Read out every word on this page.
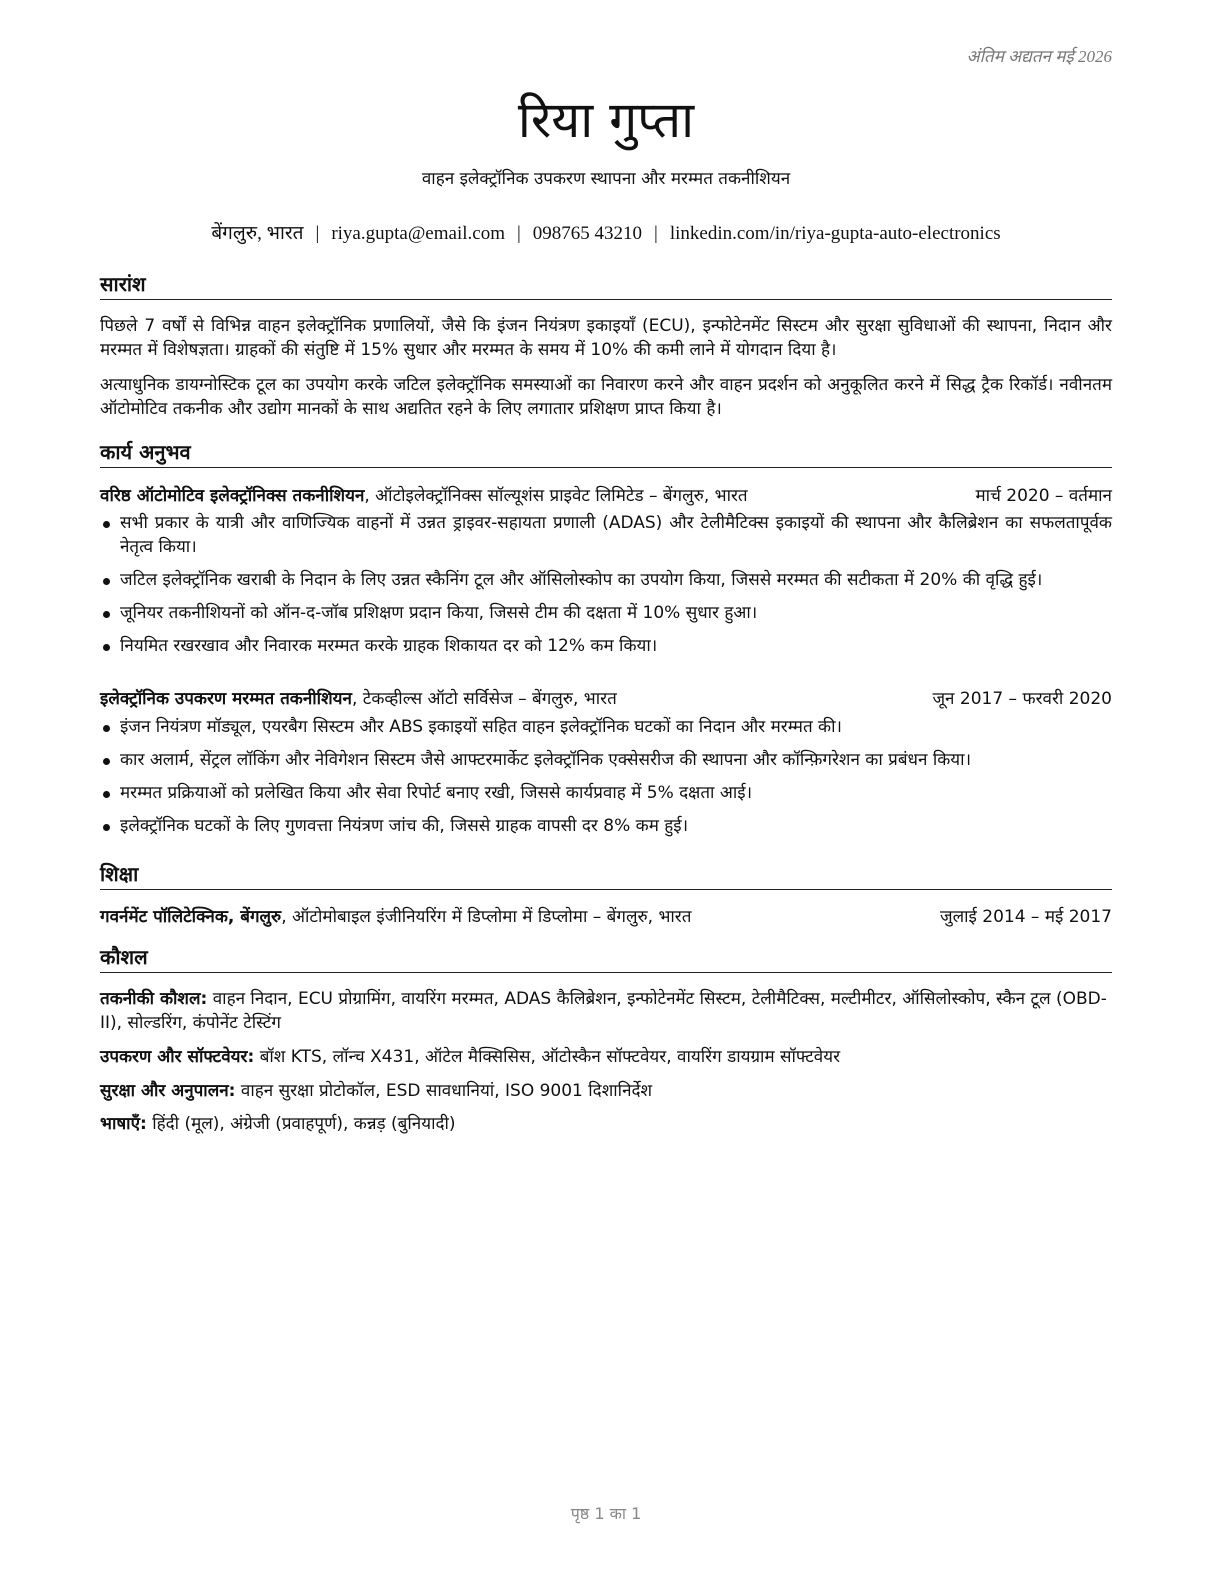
अंतिम अद्यतन मई 2026
रिया गुप्ता
वाहन इलेक्ट्रॉनिक उपकरण स्थापना और मरम्मत तकनीशियन
बेंगलुरु, भारत | riya.gupta@email.com | 098765 43210 | linkedin.com/in/riya-gupta-auto-electronics
सारांश

पिछले 7 वर्षों से विभिन्न वाहन इलेक्ट्रॉनिक प्रणालियों, जैसे कि इंजन नियंत्रण इकाइयाँ (ECU), इन्फोटेनमेंट सिस्टम और सुरक्षा सुविधाओं की स्थापना, निदान और मरम्मत में विशेषज्ञता। ग्राहकों की संतुष्टि में 15% सुधार और मरम्मत के समय में 10% की कमी लाने में योगदान दिया है।

अत्याधुनिक डायग्नोस्टिक टूल का उपयोग करके जटिल इलेक्ट्रॉनिक समस्याओं का निवारण करने और वाहन प्रदर्शन को अनुकूलित करने में सिद्ध ट्रैक रिकॉर्ड। नवीनतम ऑटोमोटिव तकनीक और उद्योग मानकों के साथ अद्यतित रहने के लिए लगातार प्रशिक्षण प्राप्त किया है।

कार्य अनुभव
वरिष्ठ ऑटोमोटिव इलेक्ट्रॉनिक्स तकनीशियन, ऑटोइलेक्ट्रॉनिक्स सॉल्यूशंस प्राइवेट लिमिटेड – बेंगलुरु, भारत	मार्च 2020 – वर्तमान
सभी प्रकार के यात्री और वाणिज्यिक वाहनों में उन्नत ड्राइवर-सहायता प्रणाली (ADAS) और टेलीमैटिक्स इकाइयों की स्थापना और कैलिब्रेशन का सफलतापूर्वक नेतृत्व किया।
जटिल इलेक्ट्रॉनिक खराबी के निदान के लिए उन्नत स्कैनिंग टूल और ऑसिलोस्कोप का उपयोग किया, जिससे मरम्मत की सटीकता में 20% की वृद्धि हुई।
जूनियर तकनीशियनों को ऑन-द-जॉब प्रशिक्षण प्रदान किया, जिससे टीम की दक्षता में 10% सुधार हुआ।
नियमित रखरखाव और निवारक मरम्मत करके ग्राहक शिकायत दर को 12% कम किया।
इलेक्ट्रॉनिक उपकरण मरम्मत तकनीशियन, टेकव्हील्स ऑटो सर्विसेज – बेंगलुरु, भारत	जून 2017 – फरवरी 2020
इंजन नियंत्रण मॉड्यूल, एयरबैग सिस्टम और ABS इकाइयों सहित वाहन इलेक्ट्रॉनिक घटकों का निदान और मरम्मत की।
कार अलार्म, सेंट्रल लॉकिंग और नेविगेशन सिस्टम जैसे आफ्टरमार्केट इलेक्ट्रॉनिक एक्सेसरीज की स्थापना और कॉन्फ़िगरेशन का प्रबंधन किया।
मरम्मत प्रक्रियाओं को प्रलेखित किया और सेवा रिपोर्ट बनाए रखी, जिससे कार्यप्रवाह में 5% दक्षता आई।
इलेक्ट्रॉनिक घटकों के लिए गुणवत्ता नियंत्रण जांच की, जिससे ग्राहक वापसी दर 8% कम हुई।
शिक्षा
गवर्नमेंट पॉलिटेक्निक, बेंगलुरु, ऑटोमोबाइल इंजीनियरिंग में डिप्लोमा में डिप्लोमा – बेंगलुरु, भारत	जुलाई 2014 – मई 2017
कौशल

तकनीकी कौशल: वाहन निदान, ECU प्रोग्रामिंग, वायरिंग मरम्मत, ADAS कैलिब्रेशन, इन्फोटेनमेंट सिस्टम, टेलीमैटिक्स, मल्टीमीटर, ऑसिलोस्कोप, स्कैन टूल (OBD-II), सोल्डरिंग, कंपोनेंट टेस्टिंग

उपकरण और सॉफ्टवेयर: बॉश KTS, लॉन्च X431, ऑटेल मैक्सिसिस, ऑटोस्कैन सॉफ्टवेयर, वायरिंग डायग्राम सॉफ्टवेयर

सुरक्षा और अनुपालन: वाहन सुरक्षा प्रोटोकॉल, ESD सावधानियां, ISO 9001 दिशानिर्देश

भाषाएँ: हिंदी (मूल), अंग्रेजी (प्रवाहपूर्ण), कन्नड़ (बुनियादी)

पृष्ठ 1 का 1
